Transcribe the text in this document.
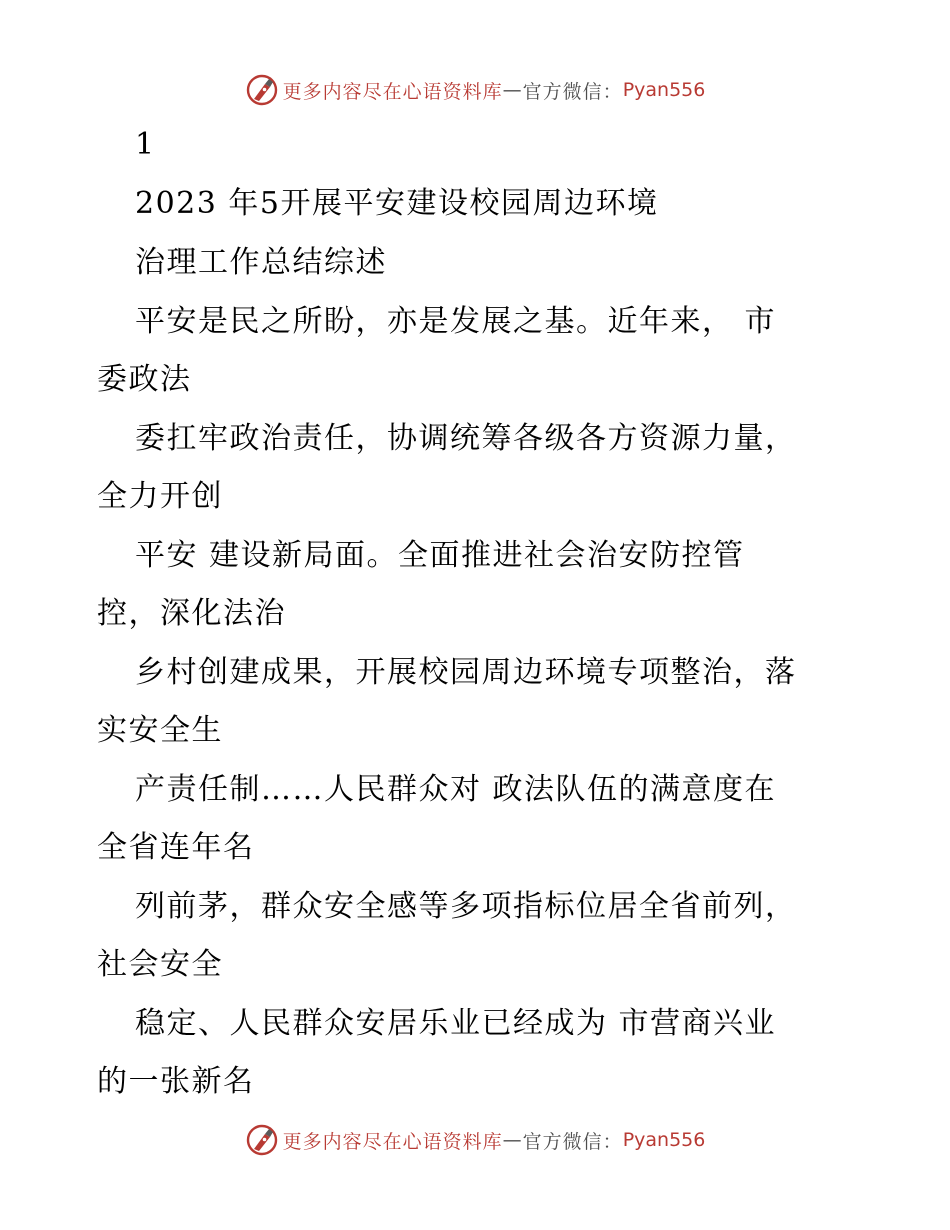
更多内容尽在心语资料库 — 官方微信： Pyan556
1
2023 年5开展平安建设校园周边环境
治理工作总结综述
平安是民之所盼，亦是发展之基。近年来， 市
委政法
委扛牢政治责任，协调统筹各级各方资源力量，
全力开创
平安 建设新局面。全面推进社会治安防控管
控，深化法治
乡村创建成果，开展校园周边环境专项整治，落
实安全生
产责任制……人民群众对 政法队伍的满意度在
全省连年名
列前茅，群众安全感等多项指标位居全省前列，
社会安全
稳定、人民群众安居乐业已经成为 市营商兴业
的一张新名
更多内容尽在心语资料库 — 官方微信： Pyan556
